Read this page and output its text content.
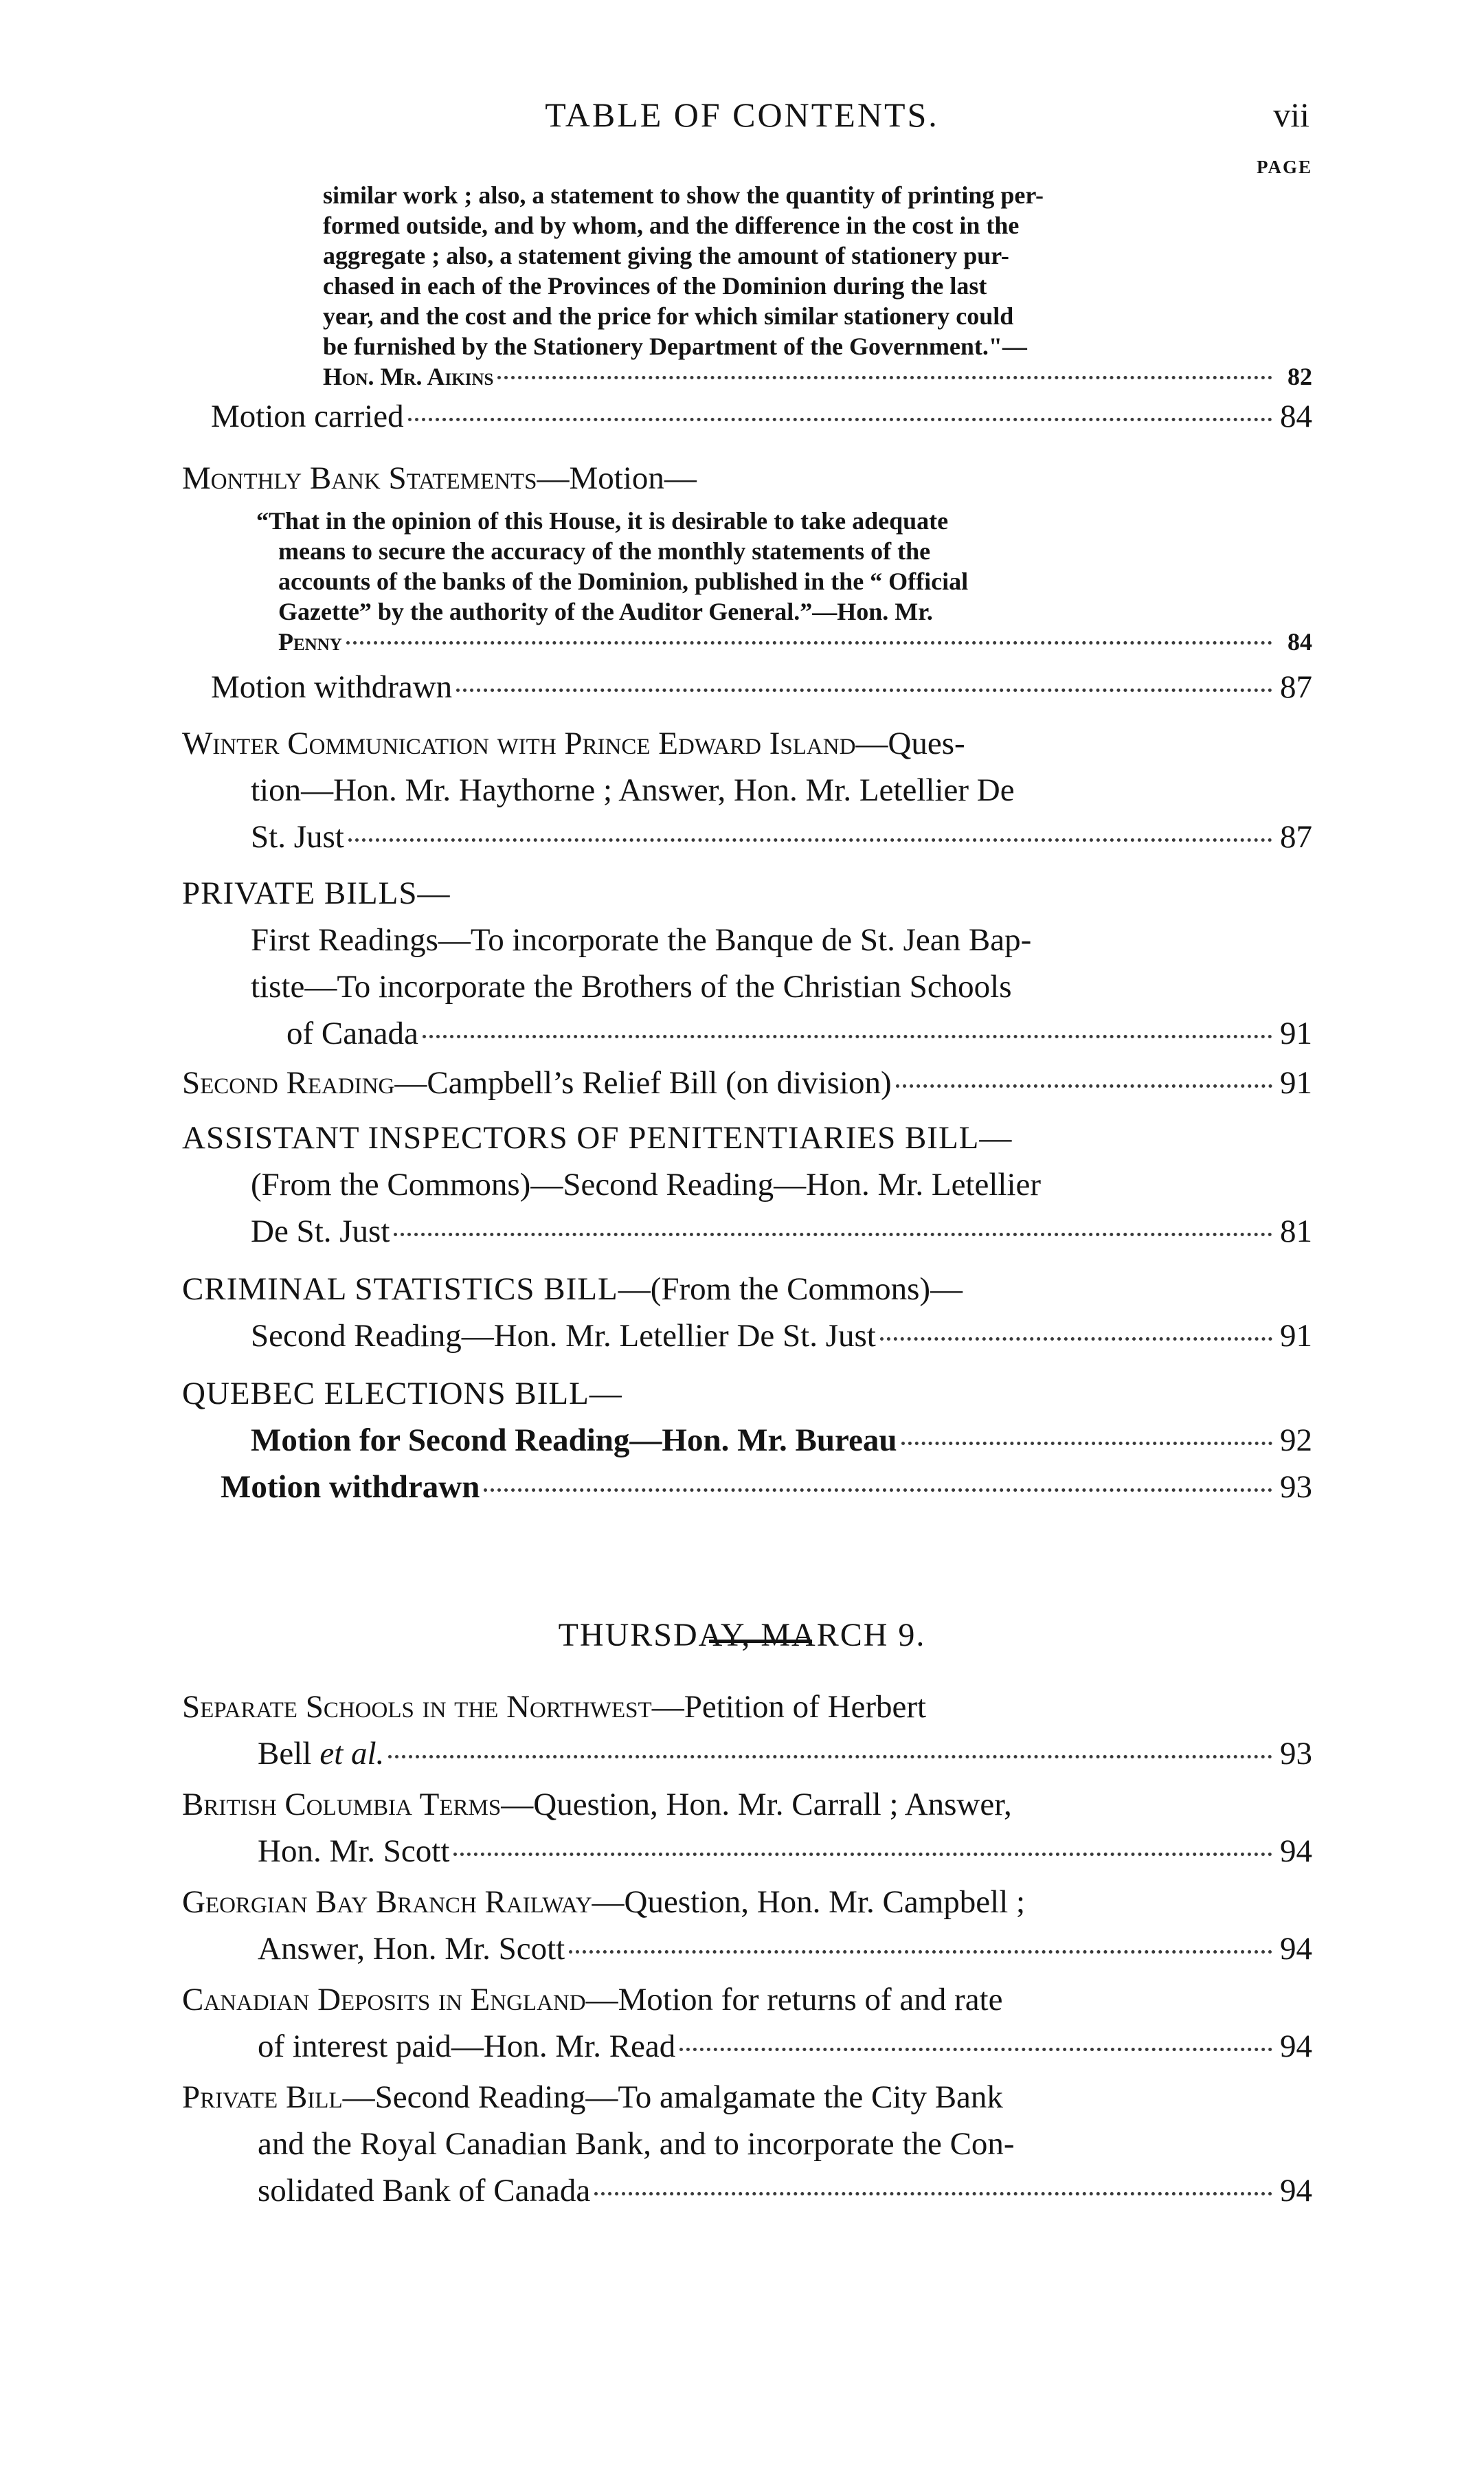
TABLE OF CONTENTS.	vii
PAGE
similar work ; also, a statement to show the quantity of printing per-
formed outside, and by whom, and the difference in the cost in the
aggregate ; also, a statement giving the amount of stationery pur-
chased in each of the Provinces of the Dominion during the last
year, and the cost and the price for which similar stationery could
be furnished by the Stationery Department of the Government."—
Hon. Mr. Aikins	82
Motion carried	84
Monthly Bank Statements —Motion—
“That in the opinion of this House, it is desirable to take adequate
means to secure the accuracy of the monthly statements of the
accounts of the banks of the Dominion, published in the “ Official
Gazette” by the authority of the Auditor General.”—Hon. Mr.
Penny	84
Motion withdrawn	87
Winter Communication with Prince Edward Island —Ques-
tion—Hon. Mr. Haythorne ; Answer, Hon. Mr. Letellier De
St. Just	87
PRIVATE BILLS—
First Readings—To incorporate the Banque de St. Jean Bap-
tiste—To incorporate the Brothers of the Christian Schools
of Canada	91
Second Reading —Campbell’s Relief Bill (on division)	91
ASSISTANT INSPECTORS OF PENITENTIARIES BILL—
(From the Commons)—Second Reading—Hon. Mr. Letellier
De St. Just	81
CRIMINAL STATISTICS BILL —(From the Commons)—
Second Reading—Hon. Mr. Letellier De St. Just	91
QUEBEC ELECTIONS BILL—
Motion for Second Reading—Hon. Mr. Bureau	92
Motion withdrawn	93
THURSDAY, MARCH 9.
Separate Schools in the Northwest —Petition of Herbert
Bell et al.	93
British Columbia Terms —Question, Hon. Mr. Carrall ; Answer,
Hon. Mr. Scott	94
Georgian Bay Branch Railway —Question, Hon. Mr. Campbell ;
Answer, Hon. Mr. Scott	94
Canadian Deposits in England —Motion for returns of and rate
of interest paid—Hon. Mr. Read	94
Private Bill —Second Reading—To amalgamate the City Bank
and the Royal Canadian Bank, and to incorporate the Con-
solidated Bank of Canada	94
